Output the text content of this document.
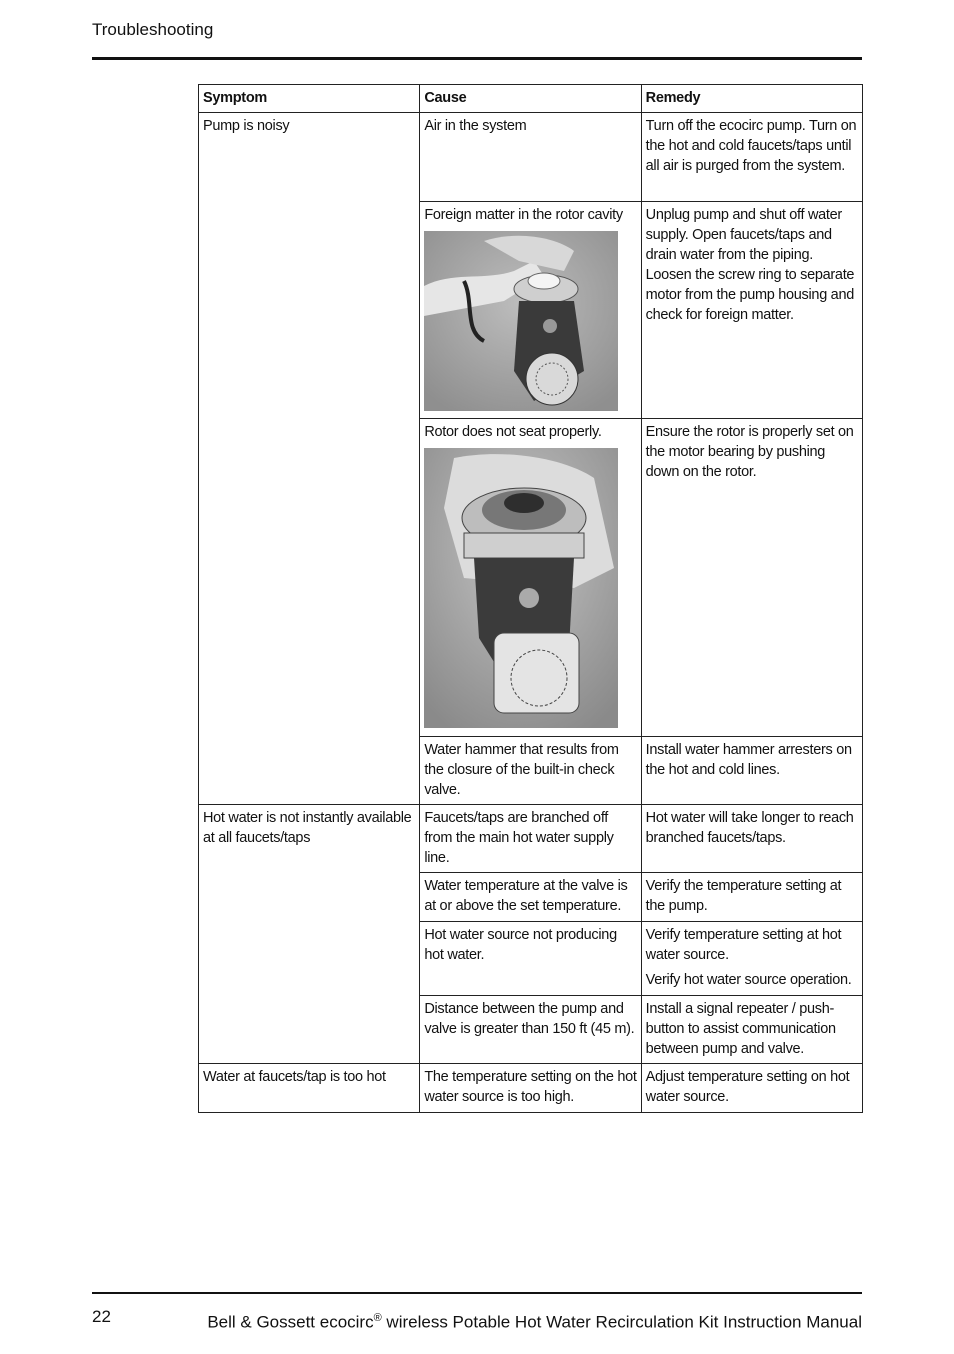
Troubleshooting
Symptom	Cause	Remedy
Pump is noisy	Air in the system	Turn off the ecocirc pump. Turn on the hot and cold faucets/taps until all air is purged from the system.

	Foreign matter in the rotor cavity	Unplug pump and shut off water supply. Open faucets/taps and drain water from the piping. Loosen the screw ring to separate motor from the pump housing and check for foreign matter.

	Rotor does not seat properly.	Ensure the rotor is properly set on the motor bearing by pushing down on the rotor.
	Water hammer that results from the closure of the built-in check valve.	Install water hammer arresters on the hot and cold lines.
Hot water is not instantly available at all faucets/taps	Faucets/taps are branched off from the main hot water supply line.	Hot water will take longer to reach branched faucets/taps.
	Water temperature at the valve is at or above the set temperature.	Verify the temperature setting at the pump.
	Hot water source not producing hot water.	Verify temperature setting at hot water source.
Verify hot water source operation.

	Distance between the pump and valve is greater than 150 ft (45 m).	Install a signal repeater / push-button to assist communication between pump and valve.
Water at faucets/tap is too hot	The temperature setting on the hot water source is too high.	Adjust temperature setting on hot water source.
22	Bell & Gossett ecocirc® wireless Potable Hot Water Recirculation Kit Instruction Manual
